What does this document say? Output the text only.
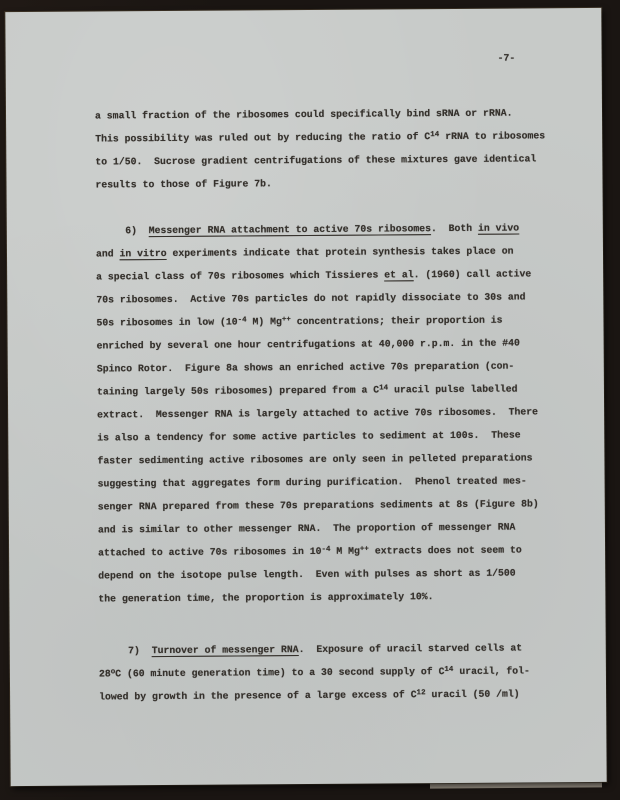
-7-
a small fraction of the ribosomes could specifically bind sRNA or rRNA.
This possibility was ruled out by reducing the ratio of $C^{14}$ rRNA to ribosomes
to 1/50.  Sucrose gradient centrifugations of these mixtures gave identical
results to those of Figure 7b.
6)  Messenger RNA attachment to active 70s ribosomes.  Both in vivo
and in vitro experiments indicate that protein synthesis takes place on
a special class of 70s ribosomes which Tissieres et al. (1960) call active
70s ribosomes.  Active 70s particles do not rapidly dissociate to 30s and
50s ribosomes in low ($10^{-4}$ M) Mg++ concentrations; their proportion is
enriched by several one hour centrifugations at 40,000 r.p.m. in the #40
Spinco Rotor.  Figure 8a shows an enriched active 70s preparation (con-
taining largely 50s ribosomes) prepared from a $C^{14}$ uracil pulse labelled
extract.  Messenger RNA is largely attached to active 70s ribosomes.  There
is also a tendency for some active particles to sediment at 100s.  These
faster sedimenting active ribosomes are only seen in pelleted preparations
suggesting that aggregates form during purification.  Phenol treated mes-
senger RNA prepared from these 70s preparations sediments at 8s (Figure 8b)
and is similar to other messenger RNA.  The proportion of messenger RNA
attached to active 70s ribosomes in $10^{-4}$ M Mg++ extracts does not seem to
depend on the isotope pulse length.  Even with pulses as short as 1/500
the generation time, the proportion is approximately 10%.
7)  Turnover of messenger RNA.  Exposure of uracil starved cells at
28$^o$C (60 minute generation time) to a 30 second supply of $C^{14}$ uracil, fol-
lowed by growth in the presence of a large excess of $C^{12}$ uracil (50 /ml)
